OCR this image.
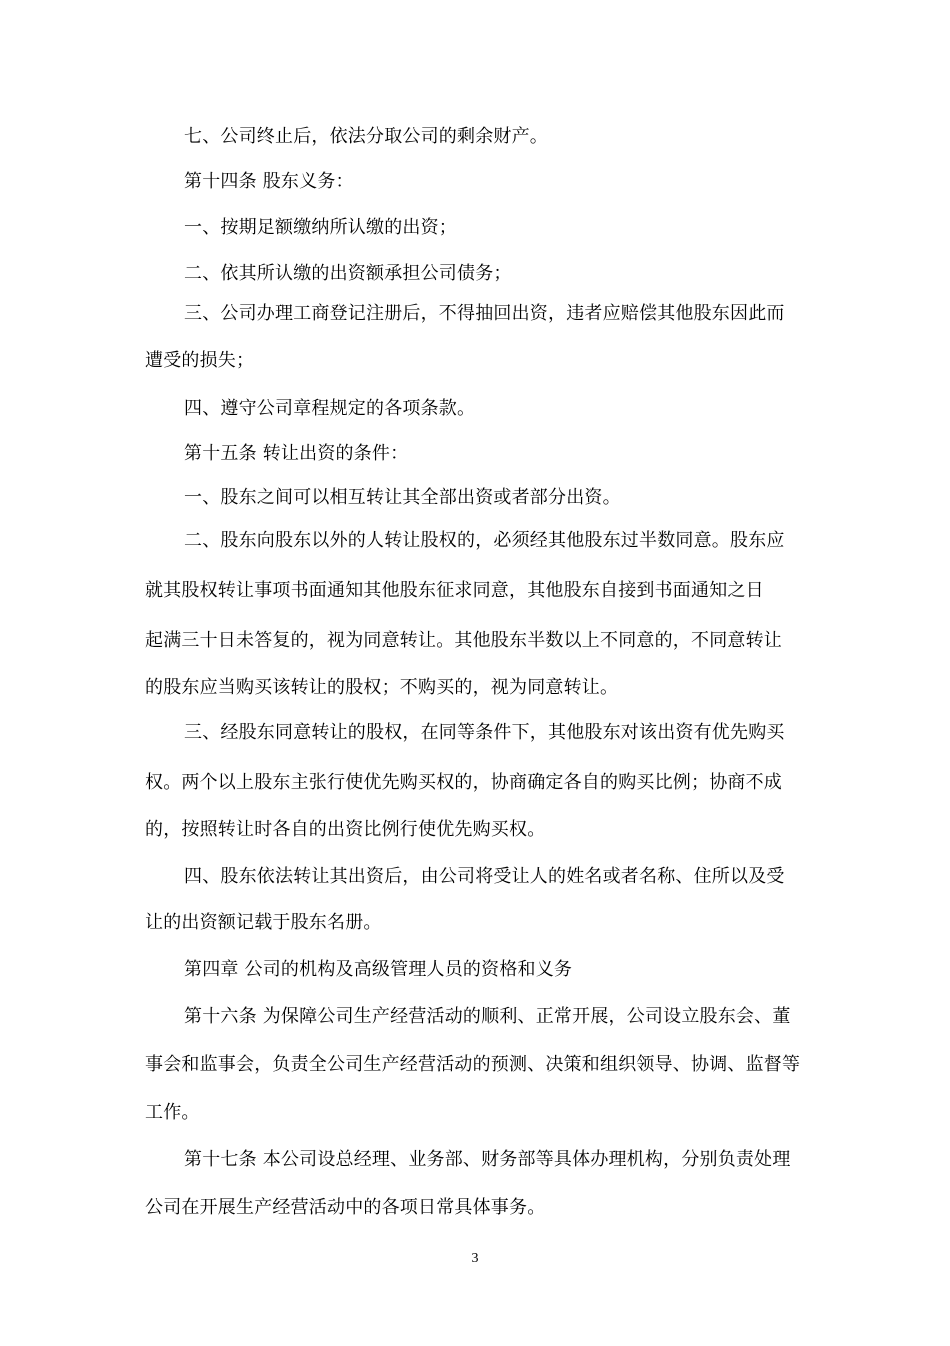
七、公司终止后，依法分取公司的剩余财产。
第十四条 股东义务：
一、按期足额缴纳所认缴的出资；
二、依其所认缴的出资额承担公司债务；
三、公司办理工商登记注册后，不得抽回出资，违者应赔偿其他股东因此而
遭受的损失；
四、遵守公司章程规定的各项条款。
第十五条 转让出资的条件：
一、股东之间可以相互转让其全部出资或者部分出资。
二、股东向股东以外的人转让股权的，必须经其他股东过半数同意。股东应
就其股权转让事项书面通知其他股东征求同意，其他股东自接到书面通知之日
起满三十日未答复的，视为同意转让。其他股东半数以上不同意的，不同意转让
的股东应当购买该转让的股权；不购买的，视为同意转让。
三、经股东同意转让的股权，在同等条件下，其他股东对该出资有优先购买
权。两个以上股东主张行使优先购买权的，协商确定各自的购买比例；协商不成
的，按照转让时各自的出资比例行使优先购买权。
四、股东依法转让其出资后，由公司将受让人的姓名或者名称、住所以及受
让的出资额记载于股东名册。
第四章 公司的机构及高级管理人员的资格和义务
第十六条 为保障公司生产经营活动的顺利、正常开展，公司设立股东会、董
事会和监事会，负责全公司生产经营活动的预测、决策和组织领导、协调、监督等
工作。
第十七条 本公司设总经理、业务部、财务部等具体办理机构，分别负责处理
公司在开展生产经营活动中的各项日常具体事务。
3
